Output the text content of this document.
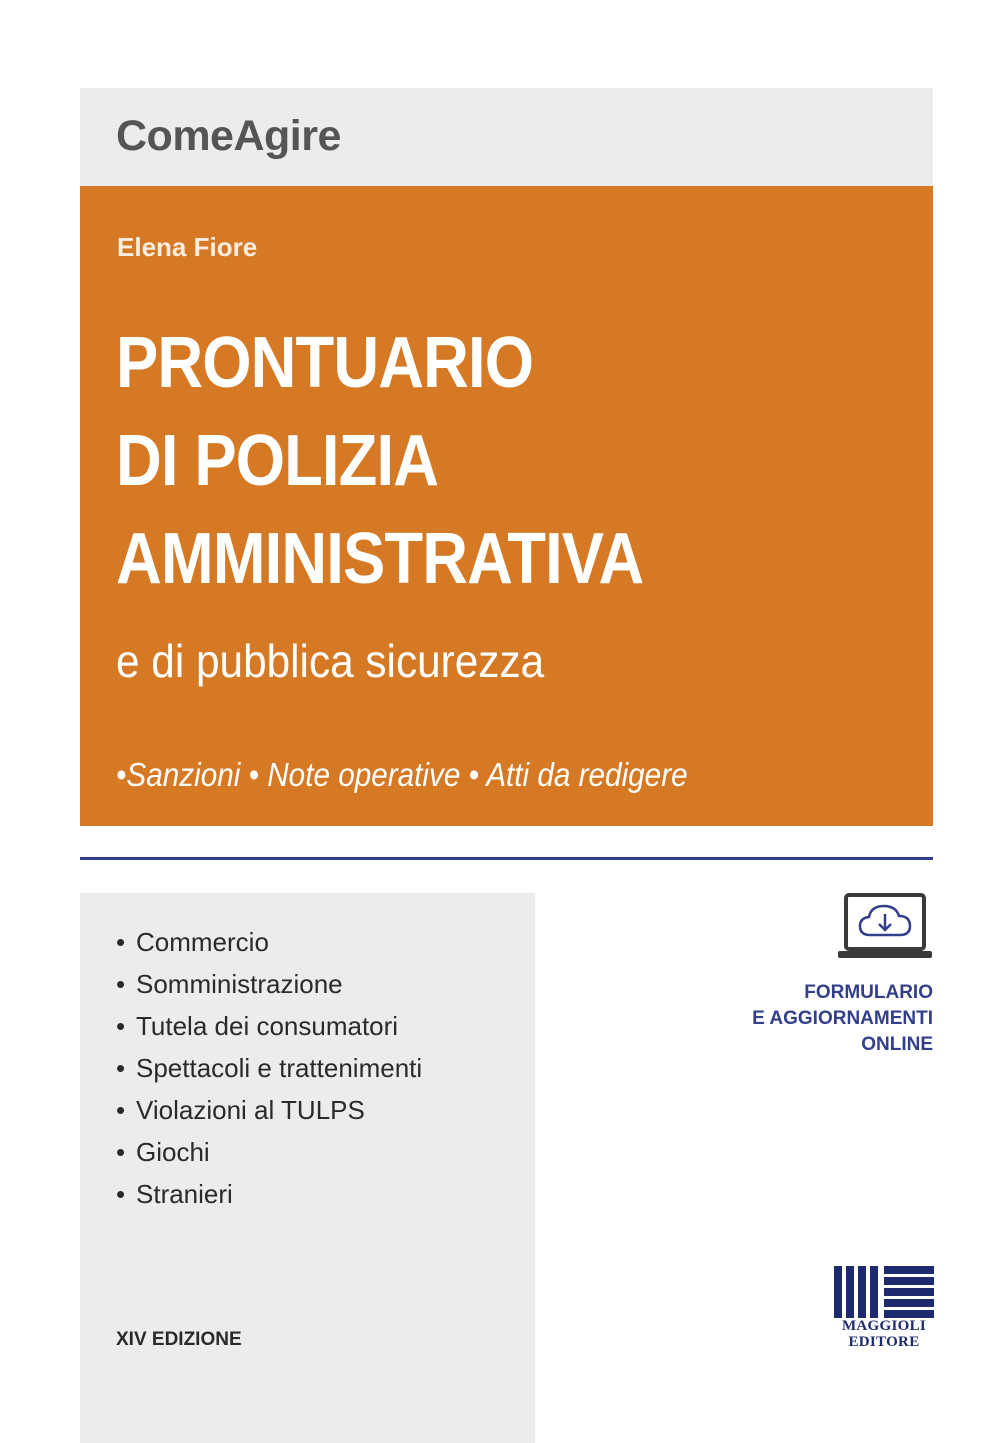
ComeAgire
Elena Fiore
PRONTUARIO
DI POLIZIA
AMMINISTRATIVA
e di pubblica sicurezza
•Sanzioni • Note operative • Atti da redigere
• Commercio
• Somministrazione
• Tutela dei consumatori
• Spettacoli e trattenimenti
• Violazioni al TULPS
• Giochi
• Stranieri
XIV EDIZIONE
FORMULARIO
E AGGIORNAMENTI
ONLINE
MAGGIOLI
EDITORE
